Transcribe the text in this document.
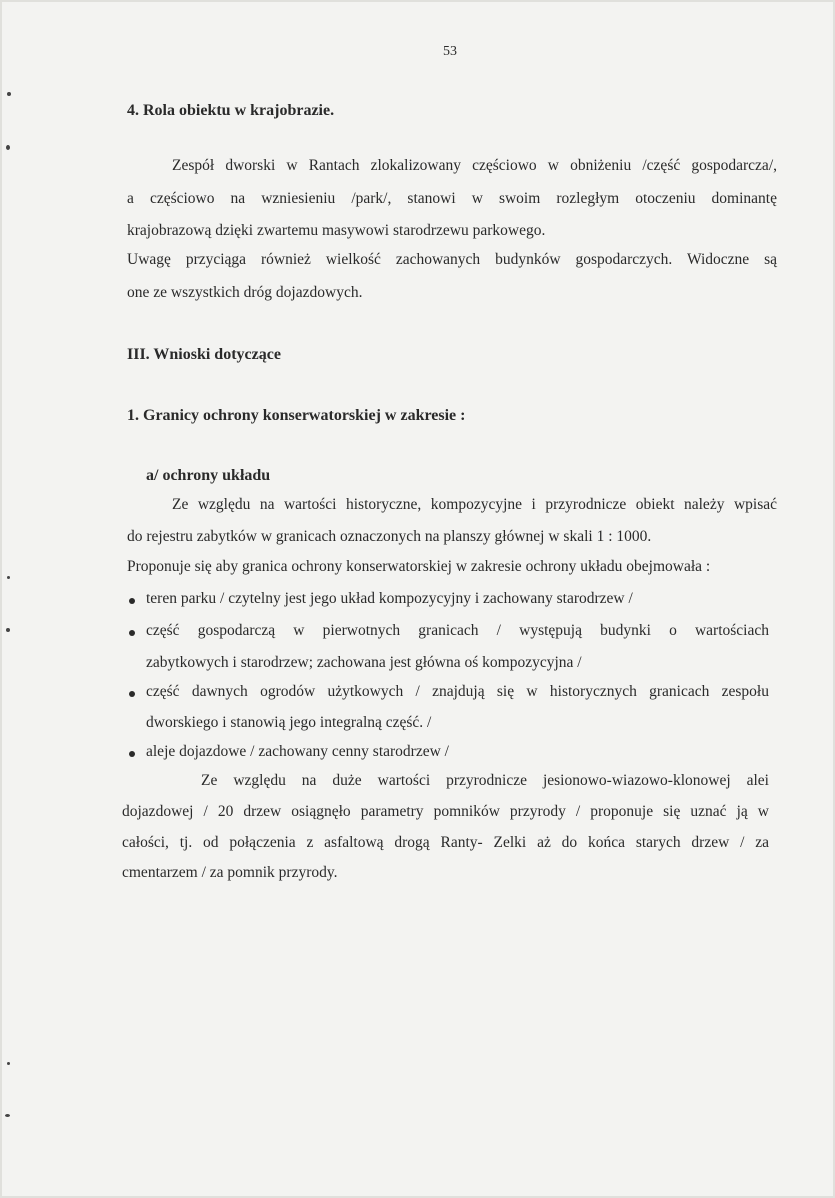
53

4. Rola obiektu w krajobrazie.

Zespół dworski w Rantach zlokalizowany częściowo w obniżeniu /część gospodarcza/,

a częściowo na wzniesieniu /park/, stanowi w swoim rozległym otoczeniu dominantę

krajobrazową dzięki zwartemu masywowi starodrzewu parkowego.

Uwagę przyciąga również wielkość zachowanych budynków gospodarczych. Widoczne są

one ze wszystkich dróg dojazdowych.

III. Wnioski dotyczące

1. Granicy ochrony konserwatorskiej w zakresie :

a/ ochrony układu

Ze względu na wartości historyczne, kompozycyjne i przyrodnicze obiekt należy wpisać

do rejestru zabytków w granicach oznaczonych na planszy głównej w skali 1 : 1000.

Proponuje się aby granica ochrony konserwatorskiej w zakresie ochrony układu obejmowała :

teren parku / czytelny jest jego układ kompozycyjny i zachowany starodrzew /

część gospodarczą w pierwotnych granicach / występują budynki o wartościach

zabytkowych i starodrzew; zachowana jest główna oś kompozycyjna /

część dawnych ogrodów użytkowych / znajdują się w historycznych granicach zespołu

dworskiego i stanowią jego integralną część. /

aleje dojazdowe / zachowany cenny starodrzew /

Ze względu na duże wartości przyrodnicze jesionowo-wiazowo-klonowej alei

dojazdowej / 20 drzew osiągnęło parametry pomników przyrody / proponuje się uznać ją w

całości, tj. od połączenia z asfaltową drogą Ranty- Zelki aż do końca starych drzew / za

cmentarzem / za pomnik przyrody.
